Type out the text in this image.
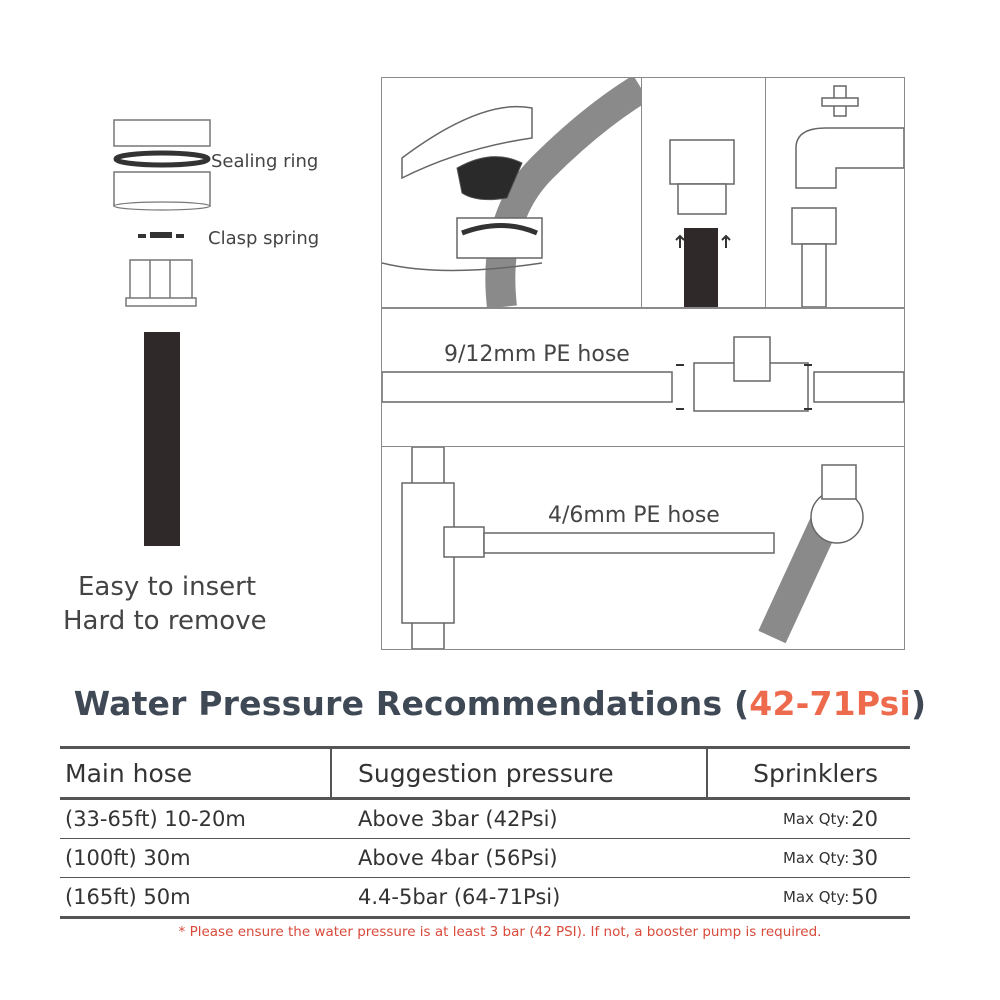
Sealing ring
Clasp spring
Easy to insert
Hard to remove
9/12mm PE hose
4/6mm PE hose
Water Pressure Recommendations (42-71Psi)
Main hose	Suggestion pressure	Sprinklers
(33-65ft) 10-20m	Above 3bar (42Psi)	Max Qty: 20
(100ft) 30m	Above 4bar (56Psi)	Max Qty: 30
(165ft) 50m	4.4-5bar (64-71Psi)	Max Qty: 50
* Please ensure the water pressure is at least 3 bar (42 PSI). If not, a booster pump is required.
